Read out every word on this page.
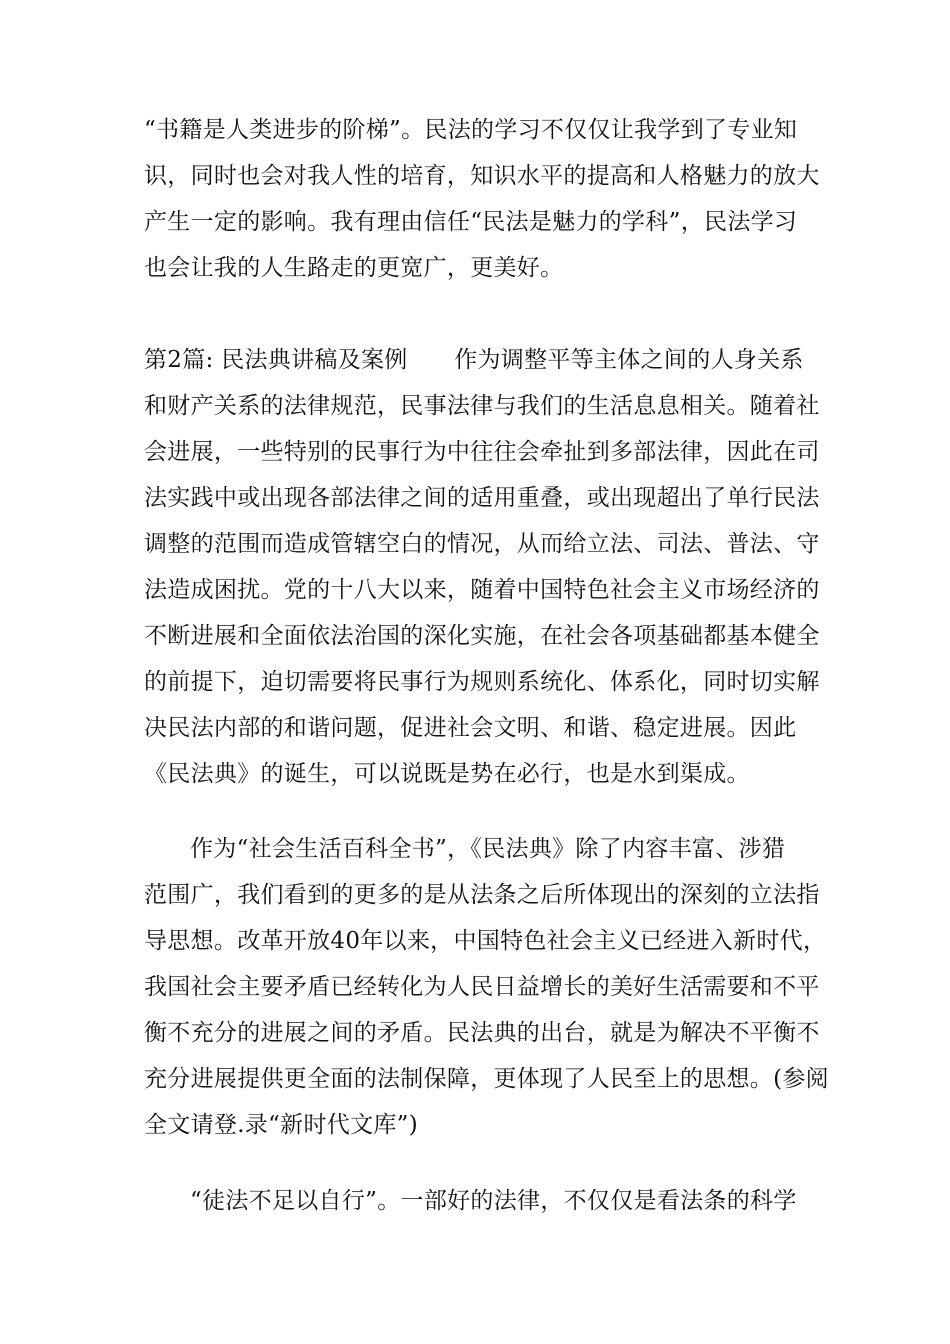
“书籍是人类进步的阶梯”。民法的学习不仅仅让我学到了专业知
识，同时也会对我人性的培育，知识水平的提高和人格魅力的放大
产生一定的影响。我有理由信任“民法是魅力的学科”，民法学习
也会让我的人生路走的更宽广，更美好。
第2篇: 民法典讲稿及案例　　作为调整平等主体之间的人身关系
和财产关系的法律规范，民事法律与我们的生活息息相关。随着社
会进展，一些特别的民事行为中往往会牵扯到多部法律，因此在司
法实践中或出现各部法律之间的适用重叠，或出现超出了单行民法
调整的范围而造成管辖空白的情况，从而给立法、司法、普法、守
法造成困扰。党的十八大以来，随着中国特色社会主义市场经济的
不断进展和全面依法治国的深化实施，在社会各项基础都基本健全
的前提下，迫切需要将民事行为规则系统化、体系化，同时切实解
决民法内部的和谐问题，促进社会文明、和谐、稳定进展。因此
《民法典》的诞生，可以说既是势在必行，也是水到渠成。
作为“社会生活百科全书”，《民法典》除了内容丰富、涉猎
范围广，我们看到的更多的是从法条之后所体现出的深刻的立法指
导思想。改革开放40年以来，中国特色社会主义已经进入新时代，
我国社会主要矛盾已经转化为人民日益增长的美好生活需要和不平
衡不充分的进展之间的矛盾。民法典的出台，就是为解决不平衡不
充分进展提供更全面的法制保障，更体现了人民至上的思想。(参阅
全文请登.录“新时代文库”)
“徒法不足以自行”。一部好的法律，不仅仅是看法条的科学
